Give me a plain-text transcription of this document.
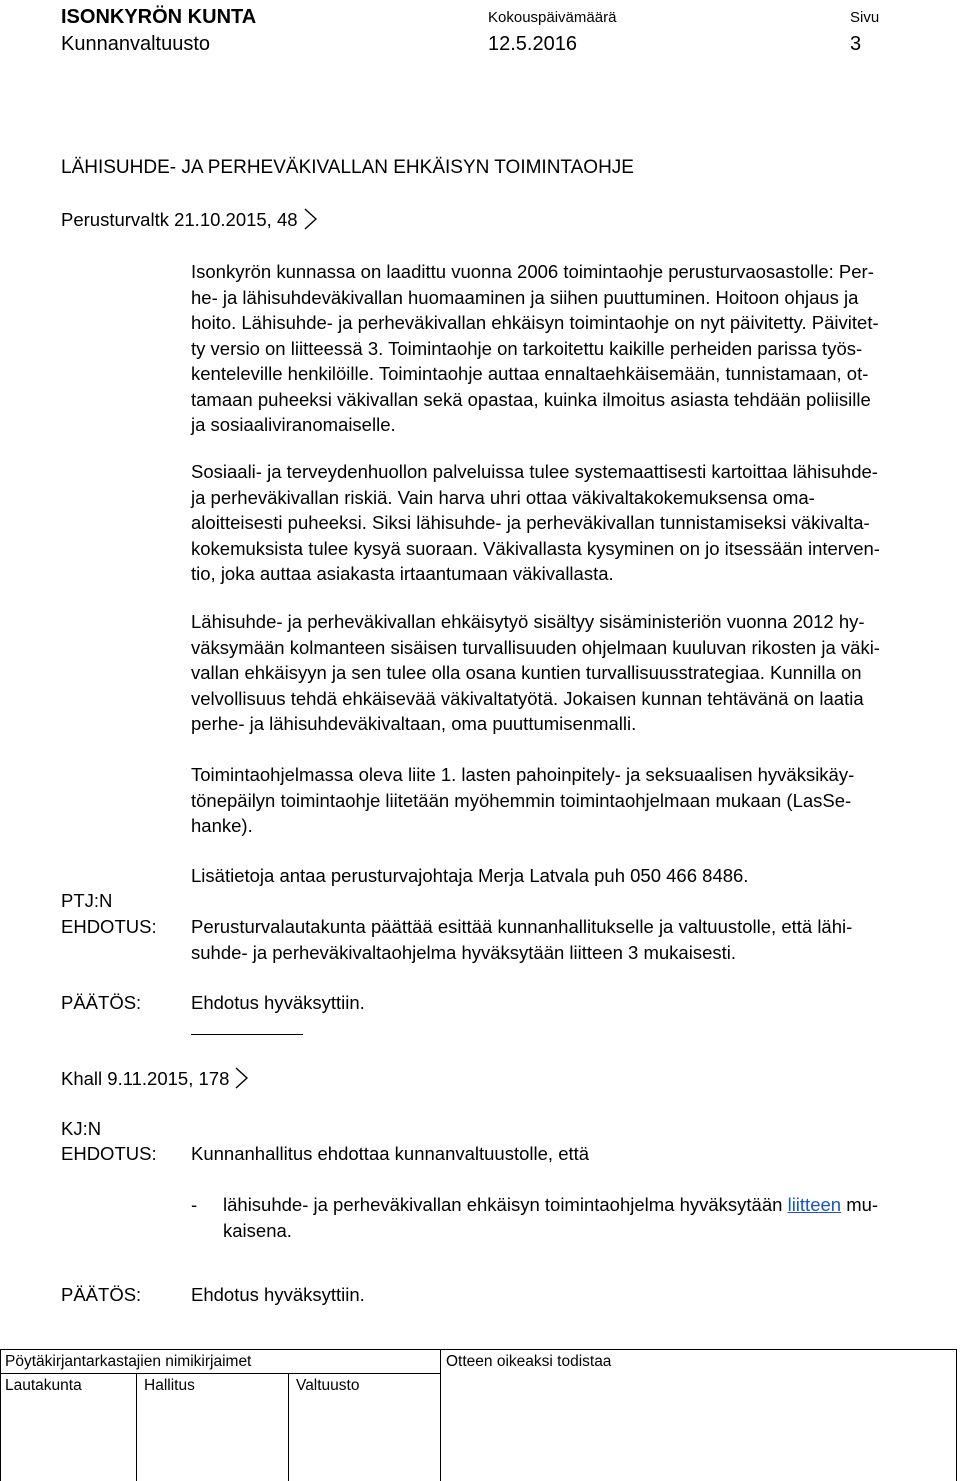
ISONKYRÖN KUNTA
Kunnanvaltuusto
Kokouspäivämäärä
12.5.2016
Sivu
3
LÄHISUHDE- JA PERHEVÄKIVALLAN EHKÄISYN TOIMINTAOHJE
Perusturvaltk 21.10.2015, 48
Isonkyrön kunnassa on laadittu vuonna 2006 toimintaohje perusturvaosastolle: Per-
he- ja lähisuhdeväkivallan huomaaminen ja siihen puuttuminen. Hoitoon ohjaus ja
hoito. Lähisuhde- ja perheväkivallan ehkäisyn toimintaohje on nyt päivitetty. Päivitet-
ty versio on liitteessä 3. Toimintaohje on tarkoitettu kaikille perheiden parissa työs-
kenteleville henkilöille. Toimintaohje auttaa ennaltaehkäisemään, tunnistamaan, ot-
tamaan puheeksi väkivallan sekä opastaa, kuinka ilmoitus asiasta tehdään poliisille
ja sosiaaliviranomaiselle.
Sosiaali- ja terveydenhuollon palveluissa tulee systemaattisesti kartoittaa lähisuhde-
ja perheväkivallan riskiä. Vain harva uhri ottaa väkivaltakokemuksensa oma-
aloitteisesti puheeksi. Siksi lähisuhde- ja perheväkivallan tunnistamiseksi väkivalta-
kokemuksista tulee kysyä suoraan. Väkivallasta kysyminen on jo itsessään interven-
tio, joka auttaa asiakasta irtaantumaan väkivallasta.
Lähisuhde- ja perheväkivallan ehkäisytyö sisältyy sisäministeriön vuonna 2012 hy-
väksymään kolmanteen sisäisen turvallisuuden ohjelmaan kuuluvan rikosten ja väki-
vallan ehkäisyyn ja sen tulee olla osana kuntien turvallisuusstrategiaa. Kunnilla on
velvollisuus tehdä ehkäisevää väkivaltatyötä. Jokaisen kunnan tehtävänä on laatia
perhe- ja lähisuhdeväkivaltaan, oma puuttumisenmalli.
Toimintaohjelmassa oleva liite 1. lasten pahoinpitely- ja seksuaalisen hyväksikäy-
tönepäilyn toimintaohje liitetään myöhemmin toimintaohjelmaan mukaan (LasSe-
hanke).
Lisätietoja antaa perusturvajohtaja Merja Latvala puh 050 466 8486.
PTJ:N
EHDOTUS: Perusturvalautakunta päättää esittää kunnanhallitukselle ja valtuustolle, että lähi-
suhde- ja perheväkivaltaohjelma hyväksytään liitteen 3 mukaisesti.
PÄÄTÖS:	Ehdotus hyväksyttiin.
Khall 9.11.2015, 178
KJ:N
EHDOTUS: Kunnanhallitus ehdottaa kunnanvaltuustolle, että
- lähisuhde- ja perheväkivallan ehkäisyn toimintaohjelma hyväksytään liitteen mu-
kaisena.
PÄÄTÖS:	Ehdotus hyväksyttiin.
Pöytäkirjantarkastajien nimikirjaimet	Otteen oikeaksi todistaa
Lautakunta	Hallitus	Valtuusto
